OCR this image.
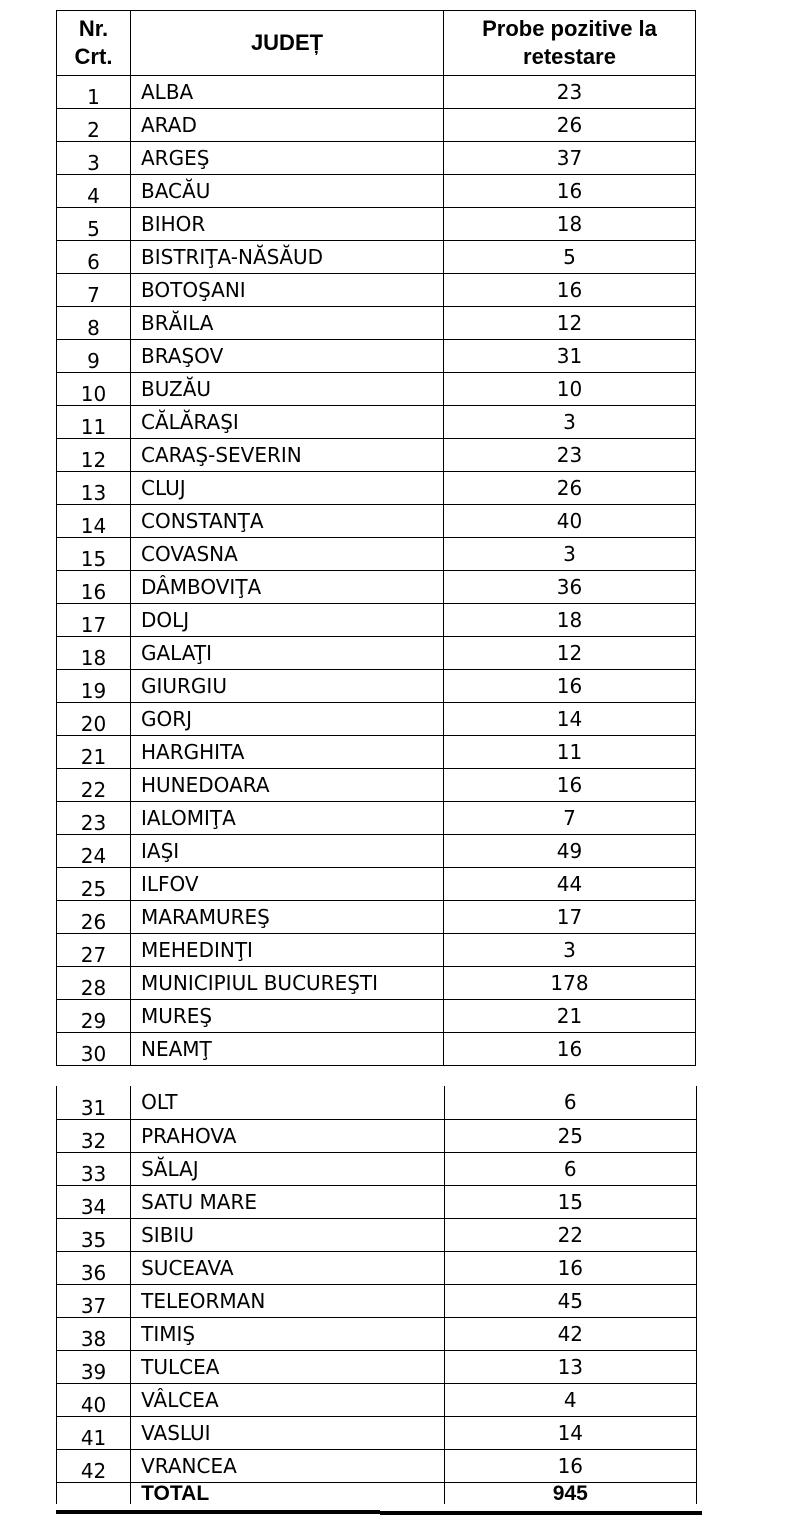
Nr. Crt.	JUDEȚ	Probe pozitive la retestare
1	ALBA	23
2	ARAD	26
3	ARGEŞ	37
4	BACĂU	16
5	BIHOR	18
6	BISTRIŢA-NĂSĂUD	5
7	BOTOŞANI	16
8	BRĂILA	12
9	BRAŞOV	31
10	BUZĂU	10
11	CĂLĂRAŞI	3
12	CARAŞ-SEVERIN	23
13	CLUJ	26
14	CONSTANŢA	40
15	COVASNA	3
16	DÂMBOVIŢA	36
17	DOLJ	18
18	GALAŢI	12
19	GIURGIU	16
20	GORJ	14
21	HARGHITA	11
22	HUNEDOARA	16
23	IALOMIŢA	7
24	IAŞI	49
25	ILFOV	44
26	MARAMUREŞ	17
27	MEHEDINŢI	3
28	MUNICIPIUL BUCUREŞTI	178
29	MUREŞ	21
30	NEAMŢ	16
31	OLT	6
32	PRAHOVA	25
33	SĂLAJ	6
34	SATU MARE	15
35	SIBIU	22
36	SUCEAVA	16
37	TELEORMAN	45
38	TIMIŞ	42
39	TULCEA	13
40	VÂLCEA	4
41	VASLUI	14
42	VRANCEA	16
	TOTAL	945
